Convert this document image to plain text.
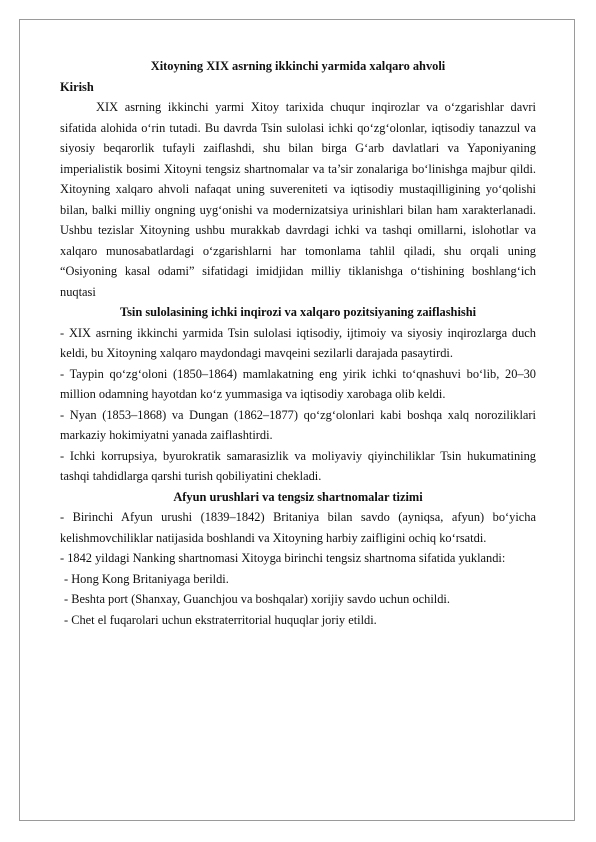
Xitoyning XIX asrning ikkinchi yarmida xalqaro ahvoli

Kirish

XIX asrning ikkinchi yarmi Xitoy tarixida chuqur inqirozlar va o‘zgarishlar davri sifatida alohida o‘rin tutadi. Bu davrda Tsin sulolasi ichki qo‘zg‘olonlar, iqtisodiy tanazzul va siyosiy beqarorlik tufayli zaiflashdi, shu bilan birga G‘arb davlatlari va Yaponiyaning imperialistik bosimi Xitoyni tengsiz shartnomalar va ta’sir zonalariga bo‘linishga majbur qildi. Xitoyning xalqaro ahvoli nafaqat uning suvereniteti va iqtisodiy mustaqilligining yo‘qolishi bilan, balki milliy ongning uyg‘onishi va modernizatsiya urinishlari bilan ham xarakterlanadi. Ushbu tezislar Xitoyning ushbu murakkab davrdagi ichki va tashqi omillarni, islohotlar va xalqaro munosabatlardagi o‘zgarishlarni har tomonlama tahlil qiladi, shu orqali uning “Osiyoning kasal odami” sifatidagi imidjidan milliy tiklanishga o‘tishining boshlang‘ich nuqtasi

Tsin sulolasining ichki inqirozi va xalqaro pozitsiyaning zaiflashishi

- XIX asrning ikkinchi yarmida Tsin sulolasi iqtisodiy, ijtimoiy va siyosiy inqirozlarga duch keldi, bu Xitoyning xalqaro maydondagi mavqeini sezilarli darajada pasaytirdi.

- Taypin qo‘zg‘oloni (1850–1864) mamlakatning eng yirik ichki to‘qnashuvi bo‘lib, 20–30 million odamning hayotdan ko‘z yummasiga va iqtisodiy xarobaga olib keldi.

- Nyan (1853–1868) va Dungan (1862–1877) qo‘zg‘olonlari kabi boshqa xalq noroziliklari markaziy hokimiyatni yanada zaiflashtirdi.

- Ichki korrupsiya, byurokratik samarasizlik va moliyaviy qiyinchiliklar Tsin hukumatining tashqi tahdidlarga qarshi turish qobiliyatini chekladi.

Afyun urushlari va tengsiz shartnomalar tizimi

- Birinchi Afyun urushi (1839–1842) Britaniya bilan savdo (ayniqsa, afyun) bo‘yicha kelishmovchiliklar natijasida boshlandi va Xitoyning harbiy zaifligini ochiq ko‘rsatdi.

- 1842 yildagi Nanking shartnomasi Xitoyga birinchi tengsiz shartnoma sifatida yuklandi:

- Hong Kong Britaniyaga berildi.

- Beshta port (Shanxay, Guanchjou va boshqalar) xorijiy savdo uchun ochildi.

- Chet el fuqarolari uchun ekstraterritorial huquqlar joriy etildi.
